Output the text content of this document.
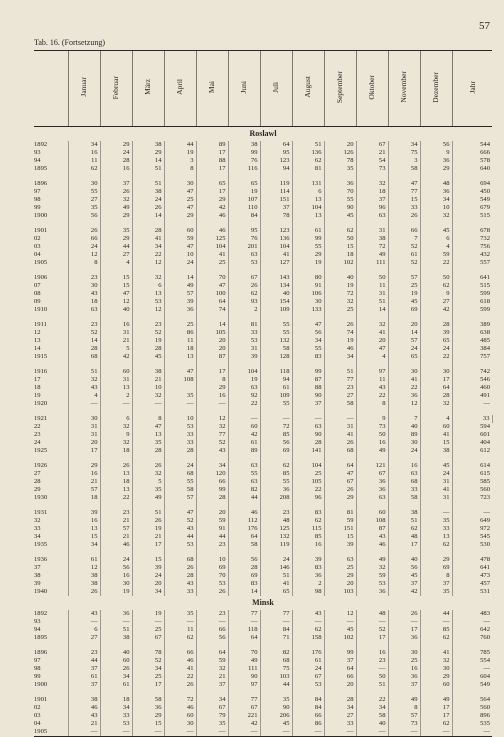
57
Tab. 16. (Fortsetzung)
	Januar	Februar	März	April	Mai	Juni	Juli	August	September	Oktober	November	Dezember	Jahr	
Roslawl														
1892	34	29	38	44	89	38	64	51	20	67	34	56	544	
93	16	24	29	19	17	99	95	136	126	21	75	9	666	
94	11	28	14	3	88	76	123	62	78	54	3	36	578	
1895	62	16	51	8	17	116	94	81	35	73	58	29	640	

1896	30	37	51	30	65	65	119	131	36	32	47	48	694	
97	55	26	38	47	17	19	114	6	70	18	77	36	450	
98	27	32	24	25	29	107	151	13	55	37	15	34	549	
99	35	49	26	47	42	110	37	104	90	96	33	10	679	
1900	56	29	14	29	46	84	78	13	45	63	26	32	515	

1901	26	35	28	60	46	95	123	61	62	31	66	45	678	
02	66	29	41	59	125	76	136	99	50	38	7	6	732	
03	24	44	34	47	104	201	104	55	15	72	52	4	756	
04	12	27	22	10	41	63	41	29	18	49	61	59	432	
1905	8	4	12	24	25	53	127	19	102	111	52	22	557	

1906	23	15	32	14	70	67	143	80	40	50	57	50	641	
07	30	15	6	49	47	26	134	91	19	11	25	62	515	
08	43	47	13	57	100	62	40	106	72	31	19	9	599	
09	18	12	53	39	64	93	154	30	32	51	45	27	618	
1910	63	40	12	36	74	2	109	133	25	14	69	42	599	

1911	23	16	23	25	14	81	55	47	26	32	20	28	389	
12	52	31	52	86	105	33	55	56	74	41	14	39	638	
13	14	21	19	11	20	53	132	34	19	20	57	65	485	
14	28	5	28	18	20	31	58	55	46	47	24	24	384	
1915	68	42	45	13	87	39	128	83	34	4	65	22	757	

1916	51	60	38	47	17	104	118	99	51	97	30	30	742	
17	32	31	21	108	8	19	94	87	77	11	41	17	546	
18	43	13	10		29	63	61	88	23	43	22	64	460	
19	4	2	32	35	16	92	109	90	27	22	36	28	491	
1920	—	—	—	—	—	22	55	37	58	8	12	32	—	

1921	30	6	8	10	12	—	—	—	—	9	7	4	33	
22	31	32	47	53	32	60	72	63	31	73	40	60	594	
23	31	9	13	33	77	42	85	90	41	50	89	41	601	
24	20	32	35	33	52	61	56	28	26	16	30	15	404	
1925	17	18	28	28	43	89	69	141	68	49	24	38	612	

1926	29	26	26	24	34	63	62	104	64	121	16	45	614	
27	16	13	32	68	120	55	85	25	47	67	63	24	615	
28	21	18	5	55	66	63	55	105	67	36	68	31	585	
29	57	13	35	58	99	82	36	22	26	36	33	41	560	
1930	18	22	49	57	28	44	208	96	29	63	58	31	723	

1931	39	23	51	47	20	46	23	83	81	60	38	—	—	
32	16	21	26	52	59	112	48	62	59	108	51	35	649	
33	13	57	19	43	91	176	125	115	151	87	62	33	972	
34	15	21	21	44	44	64	132	85	15	43	48	13	545	
1935	34	46	17	53	23	58	119	16	39	46	17	62	530	

1936	61	24	15	68	10	56	24	39	63	49	40	29	478	
37	12	56	39	26	69	28	146	83	25	32	56	69	641	
38	38	16	24	28	70	69	51	36	29	59	45	8	473	
39	38	30	20	43	53	83	41	2	20	53	37	37	457	
1940	26	19	34	33	26	14	65	98	103	36	42	35	531	
Minsk														
1892	43	36	19	35	23	77	77	43	12	48	26	44	483	
93	—	—	—	—	—	—	—	—	—	—	—	—	—	
94	6	51	25	11	66	118	84	62	45	52	17	85	642	
1895	27	38	67	62	56	64	71	158	102	17	36	62	760	

1896	23	40	78	66	64	70	82	176	99	16	30	41	785	
97	44	60	52	46	59	49	68	61	37	23	25	32	554	
98	37	26	34	41	32	111	75	24	64	—	16	30	—	
99	61	34	25	22	21	90	103	67	66	50	36	29	604	
1900	37	61	17	26	37	97	44	53	20	51	37	60	549	

1901	38	18	58	72	34	77	35	84	28	22	49	49	564	
02	46	34	36	46	67	67	90	84	34	34	8	17	560	
03	43	33	29	60	79	221	206	66	27	58	57	17	896	
04	21	53	15	30	35	42	45	86	33	40	73	62	535	
1905	—	—	—	—	—	—	—	—	—	—	—	—	—	
